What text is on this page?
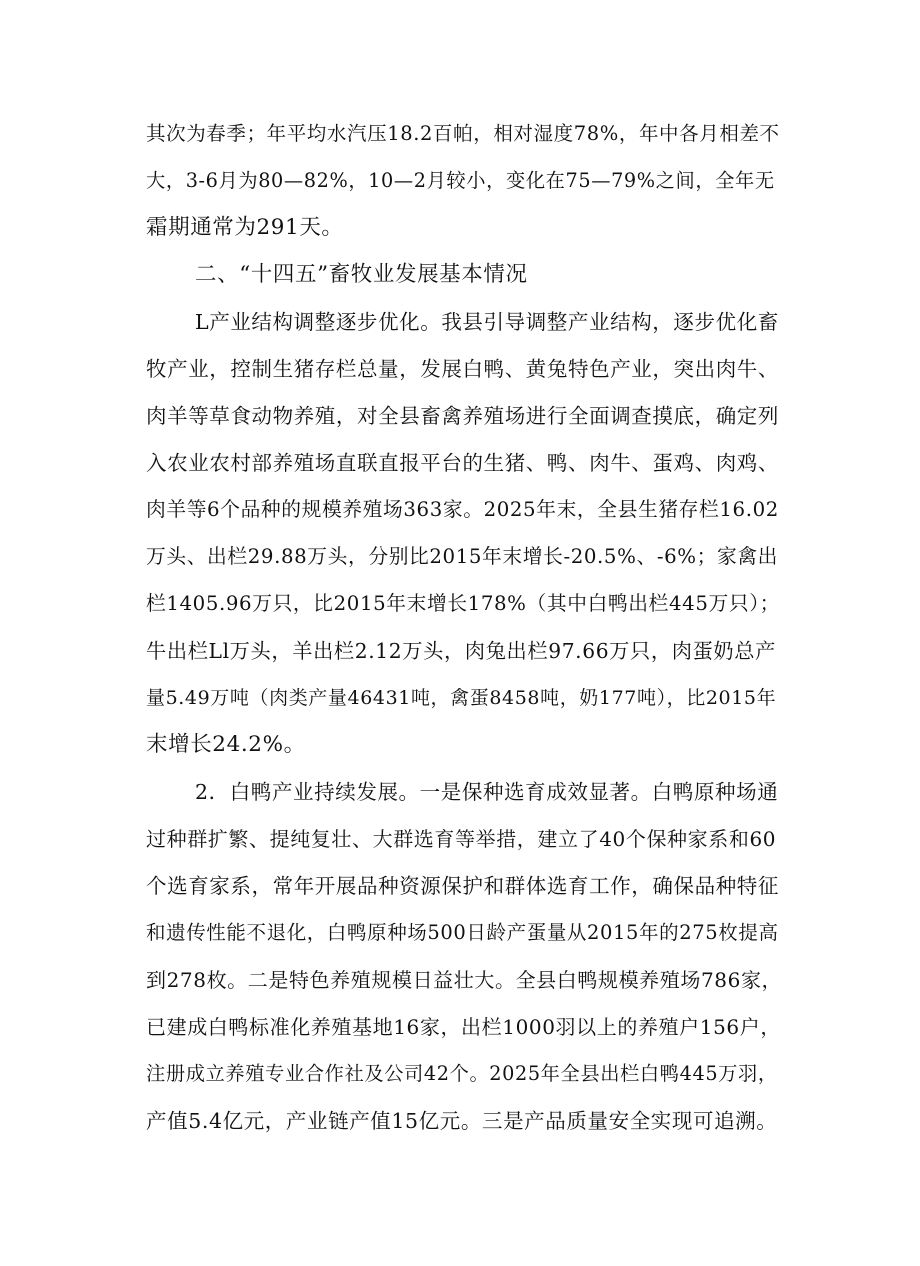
其次为春季；年平均水汽压18.2百帕，相对湿度78%，年中各月相差不
大，3-6月为80—82%，10—2月较小，变化在75—79%之间，全年无
霜期通常为291天。
二、“十四五”畜牧业发展基本情况
L产业结构调整逐步优化。我县引导调整产业结构，逐步优化畜
牧产业，控制生猪存栏总量，发展白鸭、黄兔特色产业，突出肉牛、
肉羊等草食动物养殖，对全县畜禽养殖场进行全面调查摸底，确定列
入农业农村部养殖场直联直报平台的生猪、鸭、肉牛、蛋鸡、肉鸡、
肉羊等6个品种的规模养殖场363家。2025年末，全县生猪存栏16.02
万头、出栏29.88万头，分别比2015年末增长-20.5%、-6%；家禽出
栏1405.96万只，比2015年末增长178%（其中白鸭出栏445万只）；
牛出栏Ll万头，羊出栏2.12万头，肉兔出栏97.66万只，肉蛋奶总产
量5.49万吨（肉类产量46431吨，禽蛋8458吨，奶177吨），比2015年
末增长24.2%。
2．白鸭产业持续发展。一是保种选育成效显著。白鸭原种场通
过种群扩繁、提纯复壮、大群选育等举措，建立了40个保种家系和60
个选育家系，常年开展品种资源保护和群体选育工作，确保品种特征
和遗传性能不退化，白鸭原种场500日龄产蛋量从2015年的275枚提高
到278枚。二是特色养殖规模日益壮大。全县白鸭规模养殖场786家，
已建成白鸭标准化养殖基地16家，出栏1000羽以上的养殖户156户，
注册成立养殖专业合作社及公司42个。2025年全县出栏白鸭445万羽，
产值5.4亿元，产业链产值15亿元。三是产品质量安全实现可追溯。
